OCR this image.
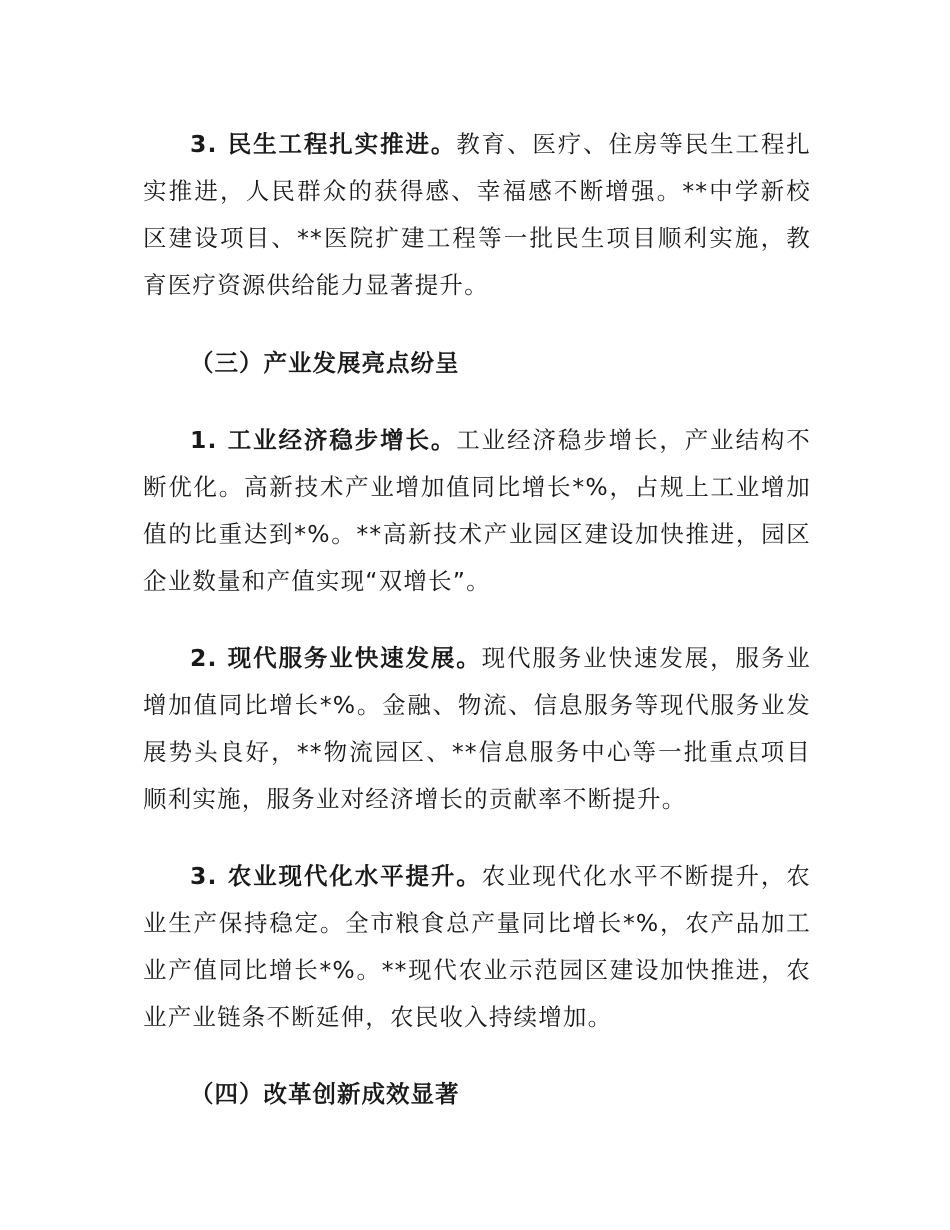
3. 民生工程扎实推进。教育、医疗、住房等民生工程扎实推进，人民群众的获得感、幸福感不断增强。**中学新校区建设项目、**医院扩建工程等一批民生项目顺利实施，教育医疗资源供给能力显著提升。

（三）产业发展亮点纷呈

1. 工业经济稳步增长。工业经济稳步增长，产业结构不断优化。高新技术产业增加值同比增长*%，占规上工业增加值的比重达到*%。**高新技术产业园区建设加快推进，园区企业数量和产值实现“双增长”。

2. 现代服务业快速发展。现代服务业快速发展，服务业增加值同比增长*%。金融、物流、信息服务等现代服务业发展势头良好，**物流园区、**信息服务中心等一批重点项目顺利实施，服务业对经济增长的贡献率不断提升。

3. 农业现代化水平提升。农业现代化水平不断提升，农业生产保持稳定。全市粮食总产量同比增长*%，农产品加工业产值同比增长*%。**现代农业示范园区建设加快推进，农业产业链条不断延伸，农民收入持续增加。

（四）改革创新成效显著
